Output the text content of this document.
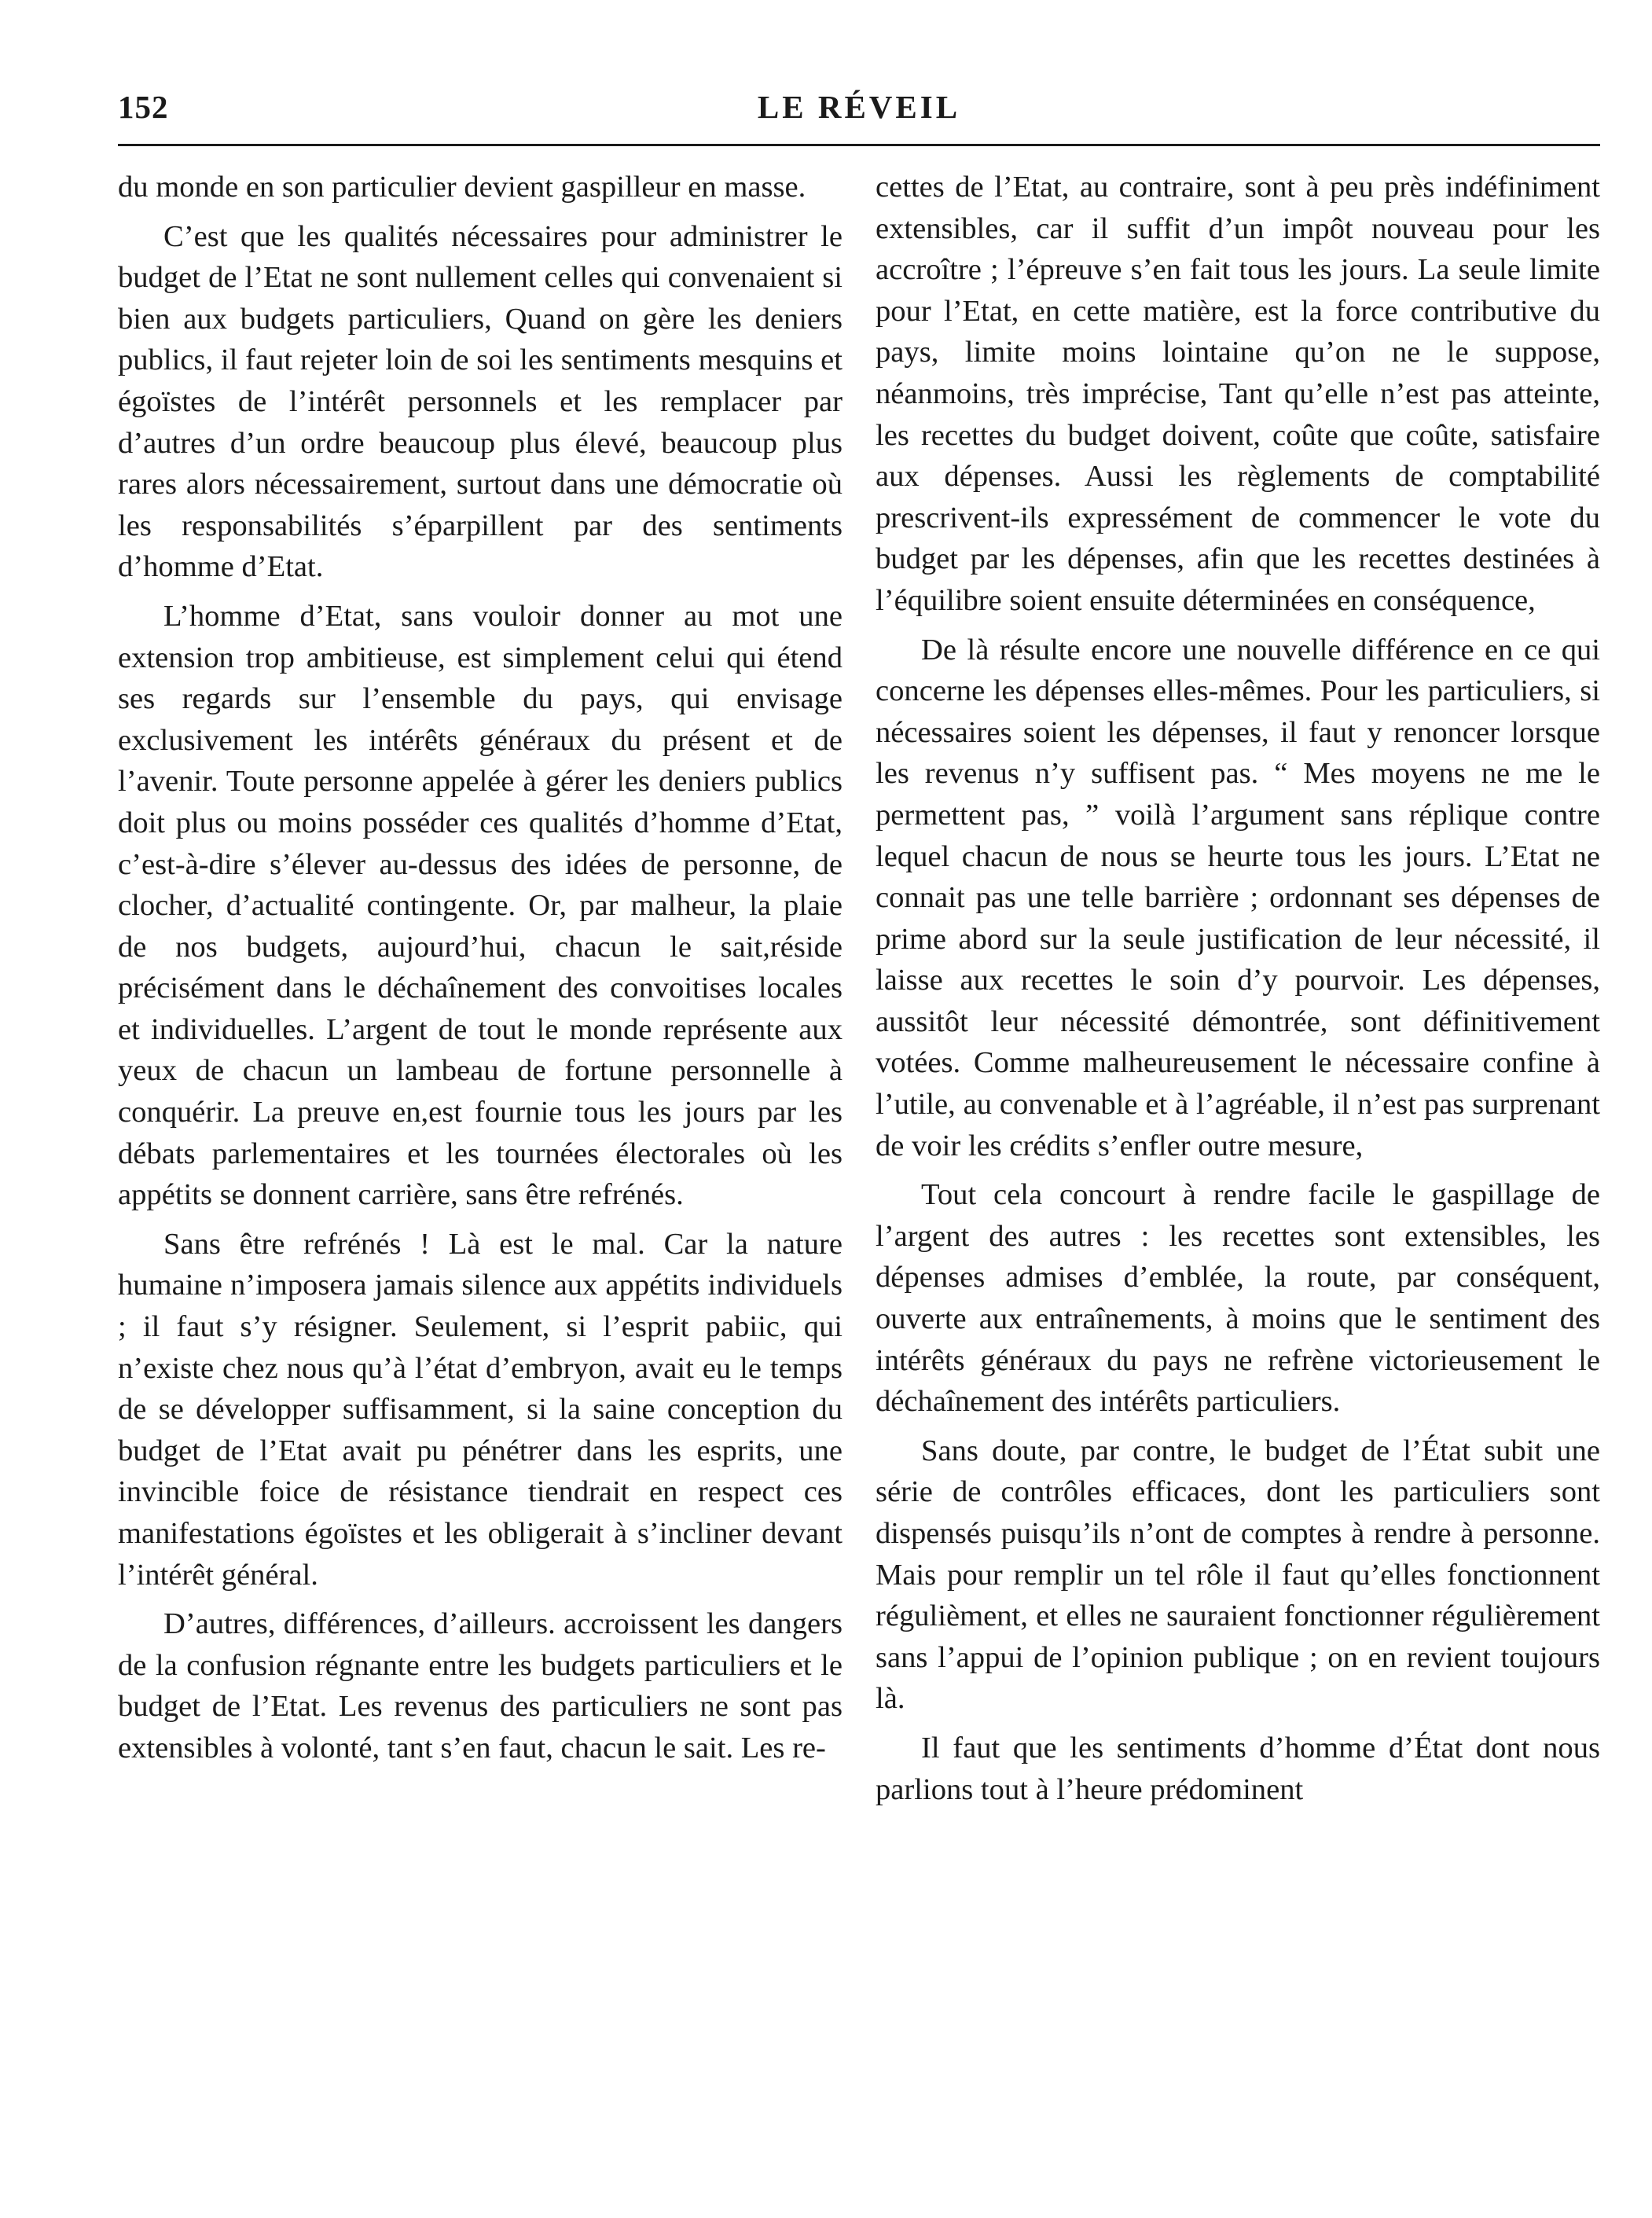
152	LE RÉVEIL

du monde en son particulier devient gaspilleur en masse.

C’est que les qualités nécessaires pour administrer le budget de l’Etat ne sont nullement celles qui convenaient si bien aux budgets particuliers, Quand on gère les deniers publics, il faut rejeter loin de soi les sentiments mesquins et égoïstes de l’intérêt personnels et les remplacer par d’autres d’un ordre beaucoup plus élevé, beaucoup plus rares alors nécessairement, surtout dans une démocratie où les responsabilités s’éparpillent par des sentiments d’homme d’Etat.

L’homme d’Etat, sans vouloir donner au mot une extension trop ambitieuse, est simplement celui qui étend ses regards sur l’ensemble du pays, qui envisage exclusivement les intérêts généraux du présent et de l’avenir. Toute personne appelée à gérer les deniers publics doit plus ou moins posséder ces qualités d’homme d’Etat, c’est-à-dire s’élever au-dessus des idées de personne, de clocher, d’actualité contingente. Or, par malheur, la plaie de nos budgets, aujourd’hui, chacun le sait,réside précisément dans le déchaînement des convoitises locales et individuelles. L’argent de tout le monde représente aux yeux de chacun un lambeau de fortune personnelle à conquérir. La preuve en,est fournie tous les jours par les débats parlementaires et les tournées électorales où les appétits se donnent carrière, sans être refrénés.

Sans être refrénés ! Là est le mal. Car la nature humaine n’imposera jamais silence aux appétits individuels ; il faut s’y résigner. Seulement, si l’esprit pabiic, qui n’existe chez nous qu’à l’état d’embryon, avait eu le temps de se développer suffisamment, si la saine conception du budget de l’Etat avait pu pénétrer dans les esprits, une invincible foice de résistance tiendrait en respect ces manifestations égoïstes et les obligerait à s’incliner devant l’intérêt général.

D’autres, différences, d’ailleurs. accroissent les dangers de la confusion régnante entre les budgets particuliers et le budget de l’Etat. Les revenus des particuliers ne sont pas extensibles à volonté, tant s’en faut, chacun le sait. Les re-

cettes de l’Etat, au contraire, sont à peu près indéfiniment extensibles, car il suffit d’un impôt nouveau pour les accroître ; l’épreuve s’en fait tous les jours. La seule limite pour l’Etat, en cette matière, est la force contributive du pays, limite moins lointaine qu’on ne le suppose, néanmoins, très imprécise, Tant qu’elle n’est pas atteinte, les recettes du budget doivent, coûte que coûte, satisfaire aux dépenses. Aussi les règlements de comptabilité prescrivent-ils expressément de commencer le vote du budget par les dépenses, afin que les recettes destinées à l’équilibre soient ensuite déterminées en conséquence,

De là résulte encore une nouvelle différence en ce qui concerne les dépenses elles-mêmes. Pour les particuliers, si nécessaires soient les dépenses, il faut y renoncer lorsque les revenus n’y suffisent pas. “ Mes moyens ne me le permettent pas, ” voilà l’argument sans réplique contre lequel chacun de nous se heurte tous les jours. L’Etat ne connait pas une telle barrière ; ordonnant ses dépenses de prime abord sur la seule justification de leur nécessité, il laisse aux recettes le soin d’y pourvoir. Les dépenses, aussitôt leur nécessité démontrée, sont définitivement votées. Comme malheureusement le nécessaire confine à l’utile, au convenable et à l’agréable, il n’est pas surprenant de voir les crédits s’enfler outre mesure,

Tout cela concourt à rendre facile le gaspillage de l’argent des autres : les recettes sont extensibles, les dépenses admises d’emblée, la route, par conséquent, ouverte aux entraînements, à moins que le sentiment des intérêts généraux du pays ne refrène victorieusement le déchaînement des intérêts particuliers.

Sans doute, par contre, le budget de l’État subit une série de contrôles efficaces, dont les particuliers sont dispensés puisqu’ils n’ont de comptes à rendre à personne. Mais pour remplir un tel rôle il faut qu’elles fonctionnent régulièment, et elles ne sauraient fonctionner régulièrement sans l’appui de l’opinion publique ; on en revient toujours là.

Il faut que les sentiments d’homme d’État dont nous parlions tout à l’heure prédominent
